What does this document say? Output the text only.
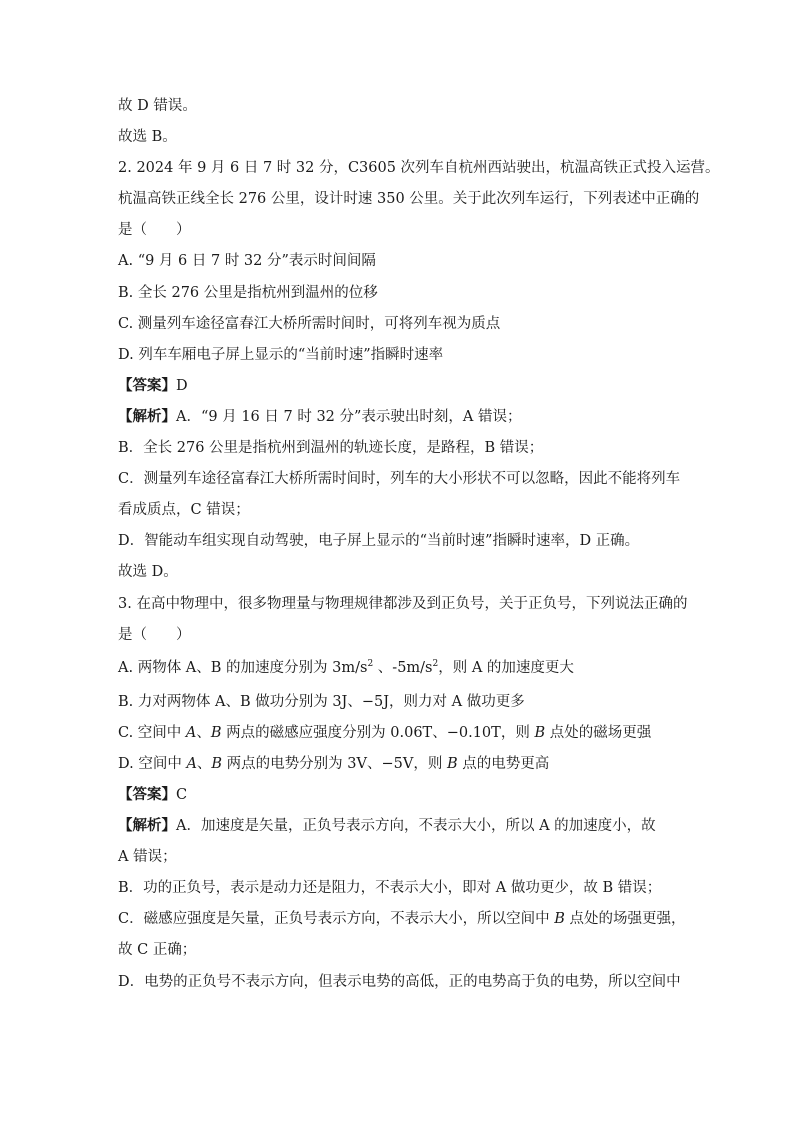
故 D 错误。
故选 B。
2. 2024 年 9 月 6 日 7 时 32 分，C3605 次列车自杭州西站驶出，杭温高铁正式投入运营。
杭温高铁正线全长 276 公里，设计时速 350 公里。关于此次列车运行，下列表述中正确的
是（　　）
A. “9 月 6 日 7 时 32 分”表示时间间隔
B. 全长 276 公里是指杭州到温州的位移
C. 测量列车途径富春江大桥所需时间时，可将列车视为质点
D. 列车车厢电子屏上显示的“当前时速”指瞬时速率
【答案】D
【解析】A．“9 月 16 日 7 时 32 分”表示驶出时刻，A 错误；
B．全长 276 公里是指杭州到温州的轨迹长度，是路程，B 错误；
C．测量列车途径富春江大桥所需时间时，列车的大小形状不可以忽略，因此不能将列车
看成质点，C 错误；
D．智能动车组实现自动驾驶，电子屏上显示的“当前时速”指瞬时速率，D 正确。
故选 D。
3. 在高中物理中，很多物理量与物理规律都涉及到正负号，关于正负号，下列说法正确的
是（　　）
A. 两物体 A、B 的加速度分别为 $3m/s^2$ 、$-5m/s^2$，则 A 的加速度更大
B. 力对两物体 A、B 做功分别为 3J、−5J，则力对 A 做功更多
C. 空间中 A、B 两点的磁感应强度分别为 0.06T、−0.10T，则 B 点处的磁场更强
D. 空间中 A、B 两点的电势分别为 3V、−5V，则 B 点的电势更高
【答案】C
【解析】A．加速度是矢量，正负号表示方向，不表示大小，所以 A 的加速度小，故
A 错误；
B．功的正负号，表示是动力还是阻力，不表示大小，即对 A 做功更少，故 B 错误；
C．磁感应强度是矢量，正负号表示方向，不表示大小，所以空间中 B 点处的场强更强，
故 C 正确；
D．电势的正负号不表示方向，但表示电势的高低，正的电势高于负的电势，所以空间中
